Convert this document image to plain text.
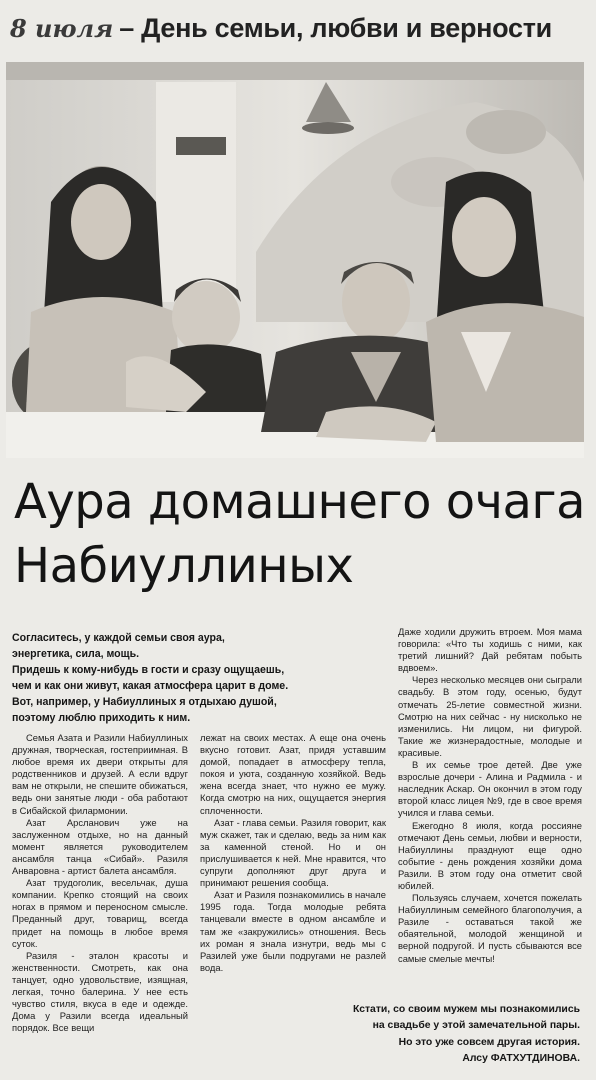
8 июля – День семьи, любви и верности
Аура домашнего очага
Набиуллиных
Согласитесь, у каждой семьи своя аура,
энергетика, сила, мощь.
Придешь к кому-нибудь в гости и сразу ощущаешь,
чем и как они живут, какая атмосфера царит в доме.
Вот, например, у Набиуллиных я отдыхаю душой,
поэтому люблю приходить к ним.

Семья Азата и Разили Набиуллиных дружная, творческая, гостеприимная. В любое время их двери открыты для родственников и друзей. А если вдруг вам не открыли, не спешите обижаться, ведь они занятые люди - оба работают в Сибайской филармонии.

Азат Арсланович уже на заслуженном отдыхе, но на данный момент является руководителем ансамбля танца «Сибай». Разиля Анваровна - артист балета ансамбля.

Азат трудоголик, весельчак, душа компании. Крепко стоящий на своих ногах в прямом и переносном смысле. Преданный друг, товарищ, всегда придет на помощь в любое время суток.

Разиля - эталон красоты и женственности. Смотреть, как она танцует, одно удовольствие, изящная, легкая, точно балерина. У нее есть чувство стиля, вкуса в еде и одежде. Дома у Разили всегда идеальный порядок. Все вещи

лежат на своих местах. А еще она очень вкусно готовит. Азат, придя уставшим домой, попадает в атмосферу тепла, покоя и уюта, созданную хозяйкой. Ведь жена всегда знает, что нужно ее мужу. Когда смотрю на них, ощущается энергия сплоченности.

Азат - глава семьи. Разиля говорит, как муж скажет, так и сделаю, ведь за ним как за каменной стеной. Но и он прислушивается к ней. Мне нравится, что супруги дополняют друг друга и принимают решения сообща.

Азат и Разиля познакомились в начале 1995 года. Тогда молодые ребята танцевали вместе в одном ансамбле и там же «закружились» отношения. Весь их роман я знала изнутри, ведь мы с Разилей уже были подругами не разлей вода.

Даже ходили дружить втроем. Моя мама говорила: «Что ты ходишь с ними, как третий лишний? Дай ребятам побыть вдвоем».

Через несколько месяцев они сыграли свадьбу. В этом году, осенью, будут отмечать 25-летие совместной жизни. Смотрю на них сейчас - ну нисколько не изменились. Ни лицом, ни фигурой. Такие же жизнерадостные, молодые и красивые.

В их семье трое детей. Две уже взрослые дочери - Алина и Радмила - и наследник Аскар. Он окончил в этом году второй класс лицея №9, где в свое время учился и глава семьи.

Ежегодно 8 июля, когда россияне отмечают День семьи, любви и верности, Набиуллины празднуют еще одно событие - день рождения хозяйки дома Разили. В этом году она отметит свой юбилей.

Пользуясь случаем, хочется пожелать Набиуллиным семейного благополучия, а Разиле - оставаться такой же обаятельной, молодой женщиной и верной подругой. И пусть сбываются все самые смелые мечты!

Кстати, со своим мужем мы познакомились
на свадьбе у этой замечательной пары.
Но это уже совсем другая история.
Алсу ФАТХУТДИНОВА.
